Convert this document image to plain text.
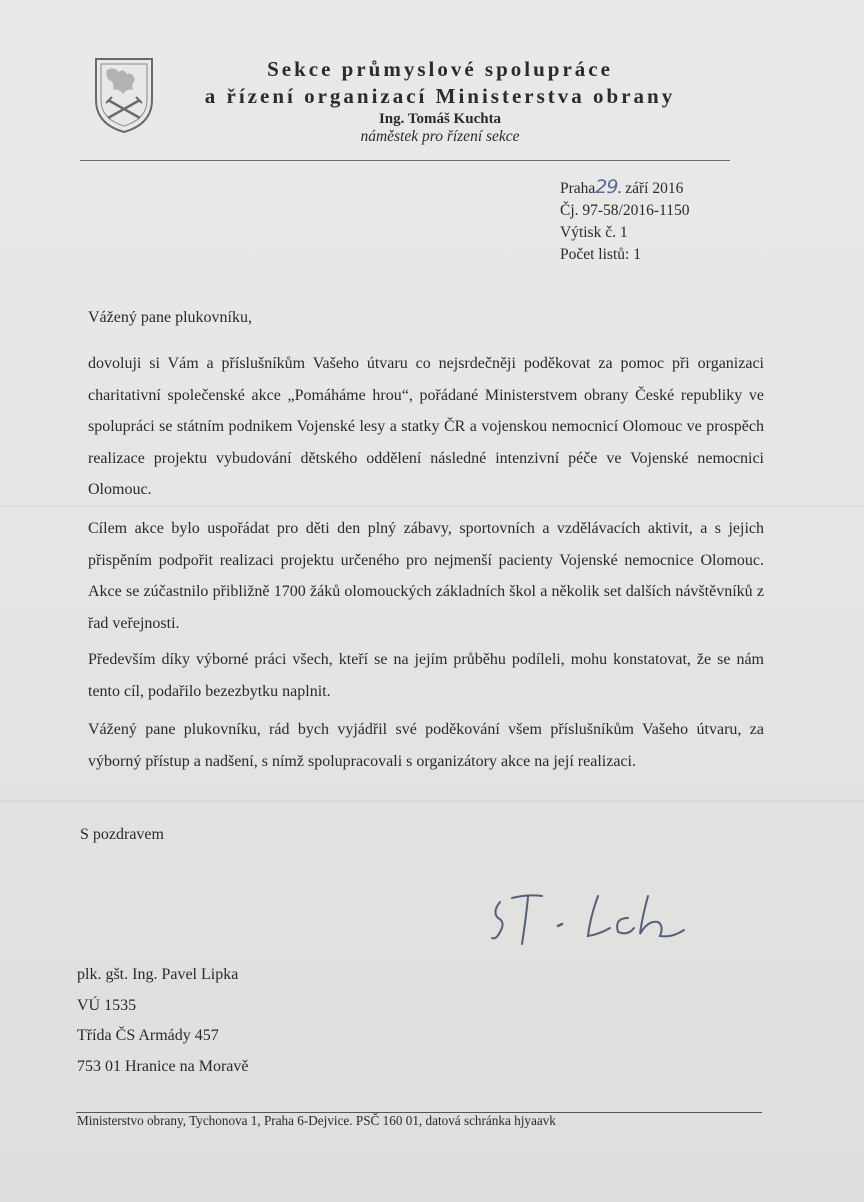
Sekce průmyslové spolupráce
a řízení organizací Ministerstva obrany
Ing. Tomáš Kuchta
náměstek pro řízení sekce
Praha29. září 2016
Čj. 97-58/2016-1150
Výtisk č. 1
Počet listů: 1
Vážený pane plukovníku,
dovoluji si Vám a příslušníkům Vašeho útvaru co nejsrdečněji poděkovat za pomoc při organizaci charitativní společenské akce „Pomáháme hrou“, pořádané Ministerstvem obrany České republiky ve spolupráci se státním podnikem Vojenské lesy a statky ČR a vojenskou nemocnicí Olomouc ve prospěch realizace projektu vybudování dětského oddělení následné intenzivní péče ve Vojenské nemocnici Olomouc.
Cílem akce bylo uspořádat pro děti den plný zábavy, sportovních a vzdělávacích aktivit, a s jejich přispěním podpořit realizaci projektu určeného pro nejmenší pacienty Vojenské nemocnice Olomouc. Akce se zúčastnilo přibližně 1700 žáků olomouckých základních škol a několik set dalších návštěvníků z řad veřejnosti.
Především díky výborné práci všech, kteří se na jejím průběhu podíleli, mohu konstatovat, že se nám tento cíl, podařilo bezezbytku naplnit.
Vážený pane plukovníku, rád bych vyjádřil své poděkování všem příslušníkům Vašeho útvaru, za výborný přístup a nadšení, s nímž spolupracovali s organizátory akce na její realizaci.
S pozdravem
plk. gšt. Ing. Pavel Lipka
VÚ 1535
Třída ČS Armády 457
753 01 Hranice na Moravě
Ministerstvo obrany, Tychonova 1, Praha 6-Dejvice. PSČ 160 01, datová schránka hjyaavk
